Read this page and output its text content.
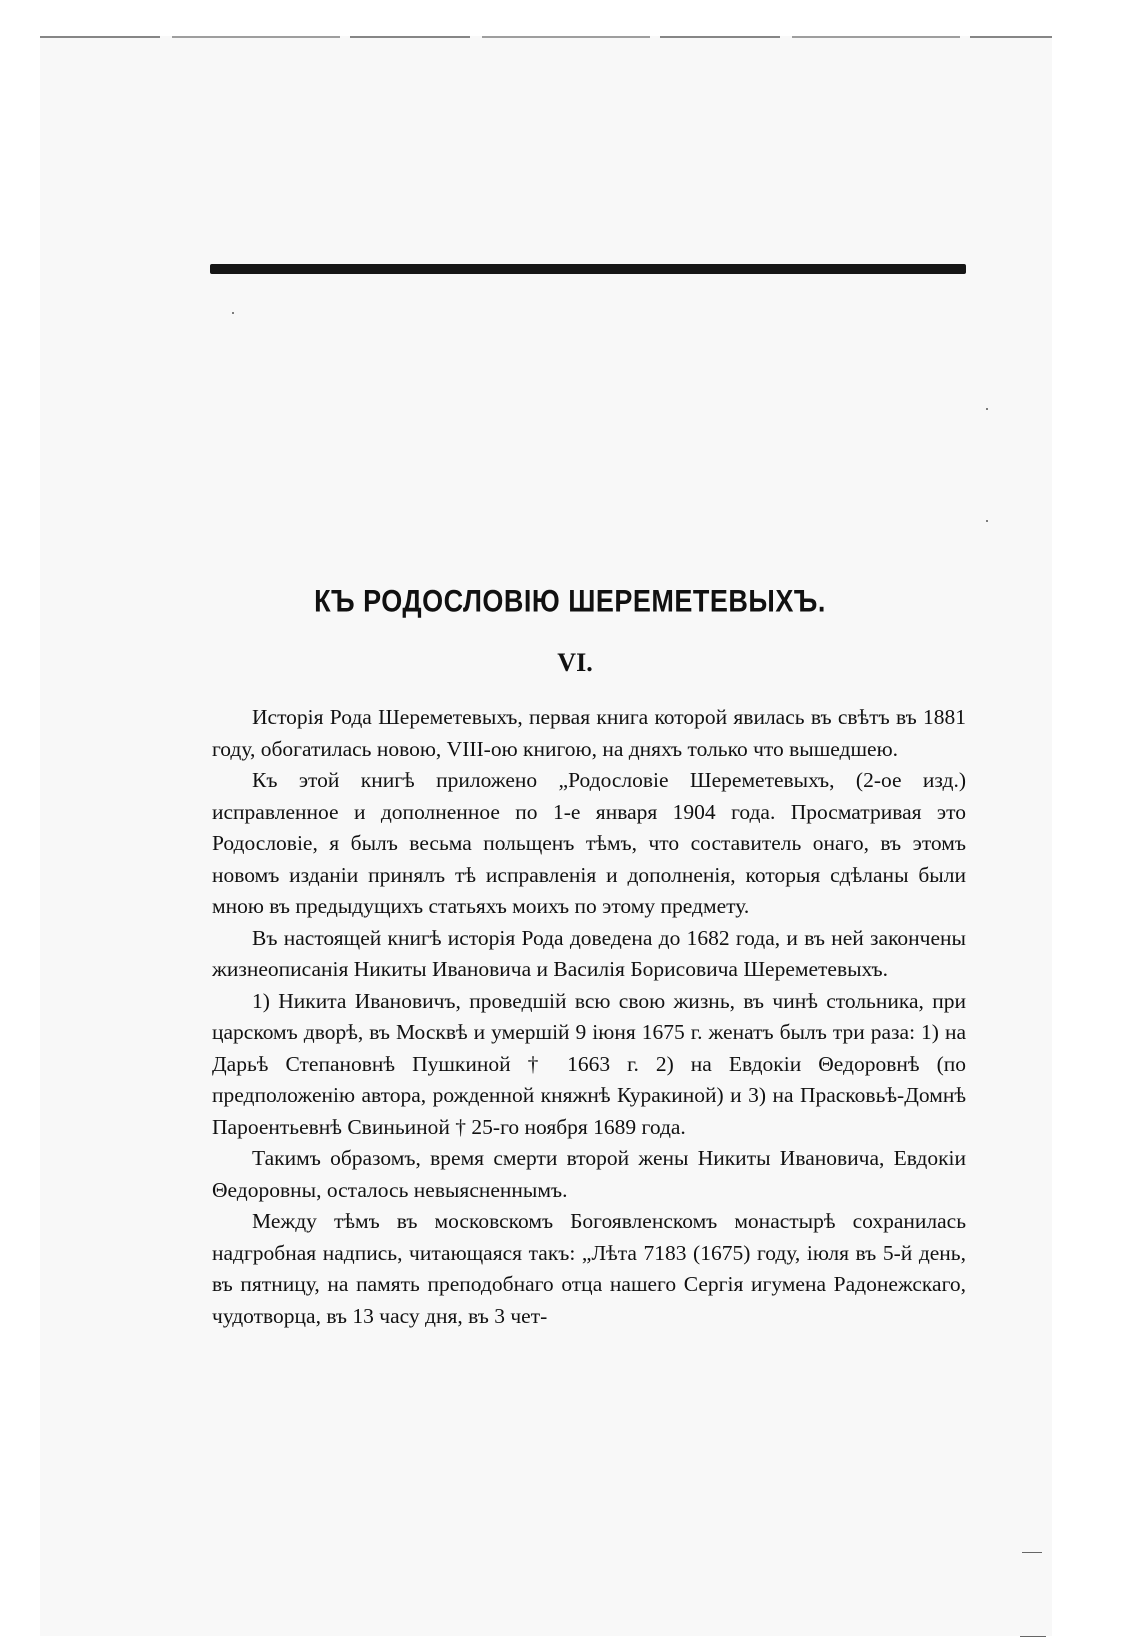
КЪ РОДОСЛОВІЮ ШЕРЕМЕТЕВЫХЪ.
VI.

Исторія Рода Шереметевыхъ, первая книга которой явилась въ свѣтъ въ 1881 году, обогатилась новою, VIII-ою книгою, на дняхъ только что вышедшею.

Къ этой книгѣ приложено „Родословіе Шереметевыхъ, (2-ое изд.) исправленное и дополненное по 1-е января 1904 года. Просматривая это Родословіе, я былъ весьма польщенъ тѣмъ, что составитель онаго, въ этомъ новомъ изданіи принялъ тѣ исправленія и дополненія, которыя сдѣланы были мною въ предыдущихъ статьяхъ моихъ по этому предмету.

Въ настоящей книгѣ исторія Рода доведена до 1682 года, и въ ней закончены жизнеописанія Никиты Ивановича и Василія Борисовича Шереметевыхъ.

1) Никита Ивановичъ, проведшій всю свою жизнь, въ чинѣ стольника, при царскомъ дворѣ, въ Москвѣ и умершій 9 іюня 1675 г. женатъ былъ три раза: 1) на Дарьѣ Степановнѣ Пушкиной † 1663 г. 2) на Евдокіи Θедоровнѣ (по предположенію автора, рожденной княжнѣ Куракиной) и 3) на Прасковьѣ-Домнѣ Пароентьевнѣ Свиньиной † 25-го ноября 1689 года.

Такимъ образомъ, время смерти второй жены Никиты Ивановича, Евдокіи Θедоровны, осталось невыясненнымъ.

Между тѣмъ въ московскомъ Богоявленскомъ монастырѣ сохранилась надгробная надпись, читающаяся такъ: „Лѣта 7183 (1675) году, іюля въ 5-й день, въ пятницу, на память преподобнаго отца нашего Сергія игумена Радонежскаго, чудотворца, въ 13 часу дня, въ 3 чет-
